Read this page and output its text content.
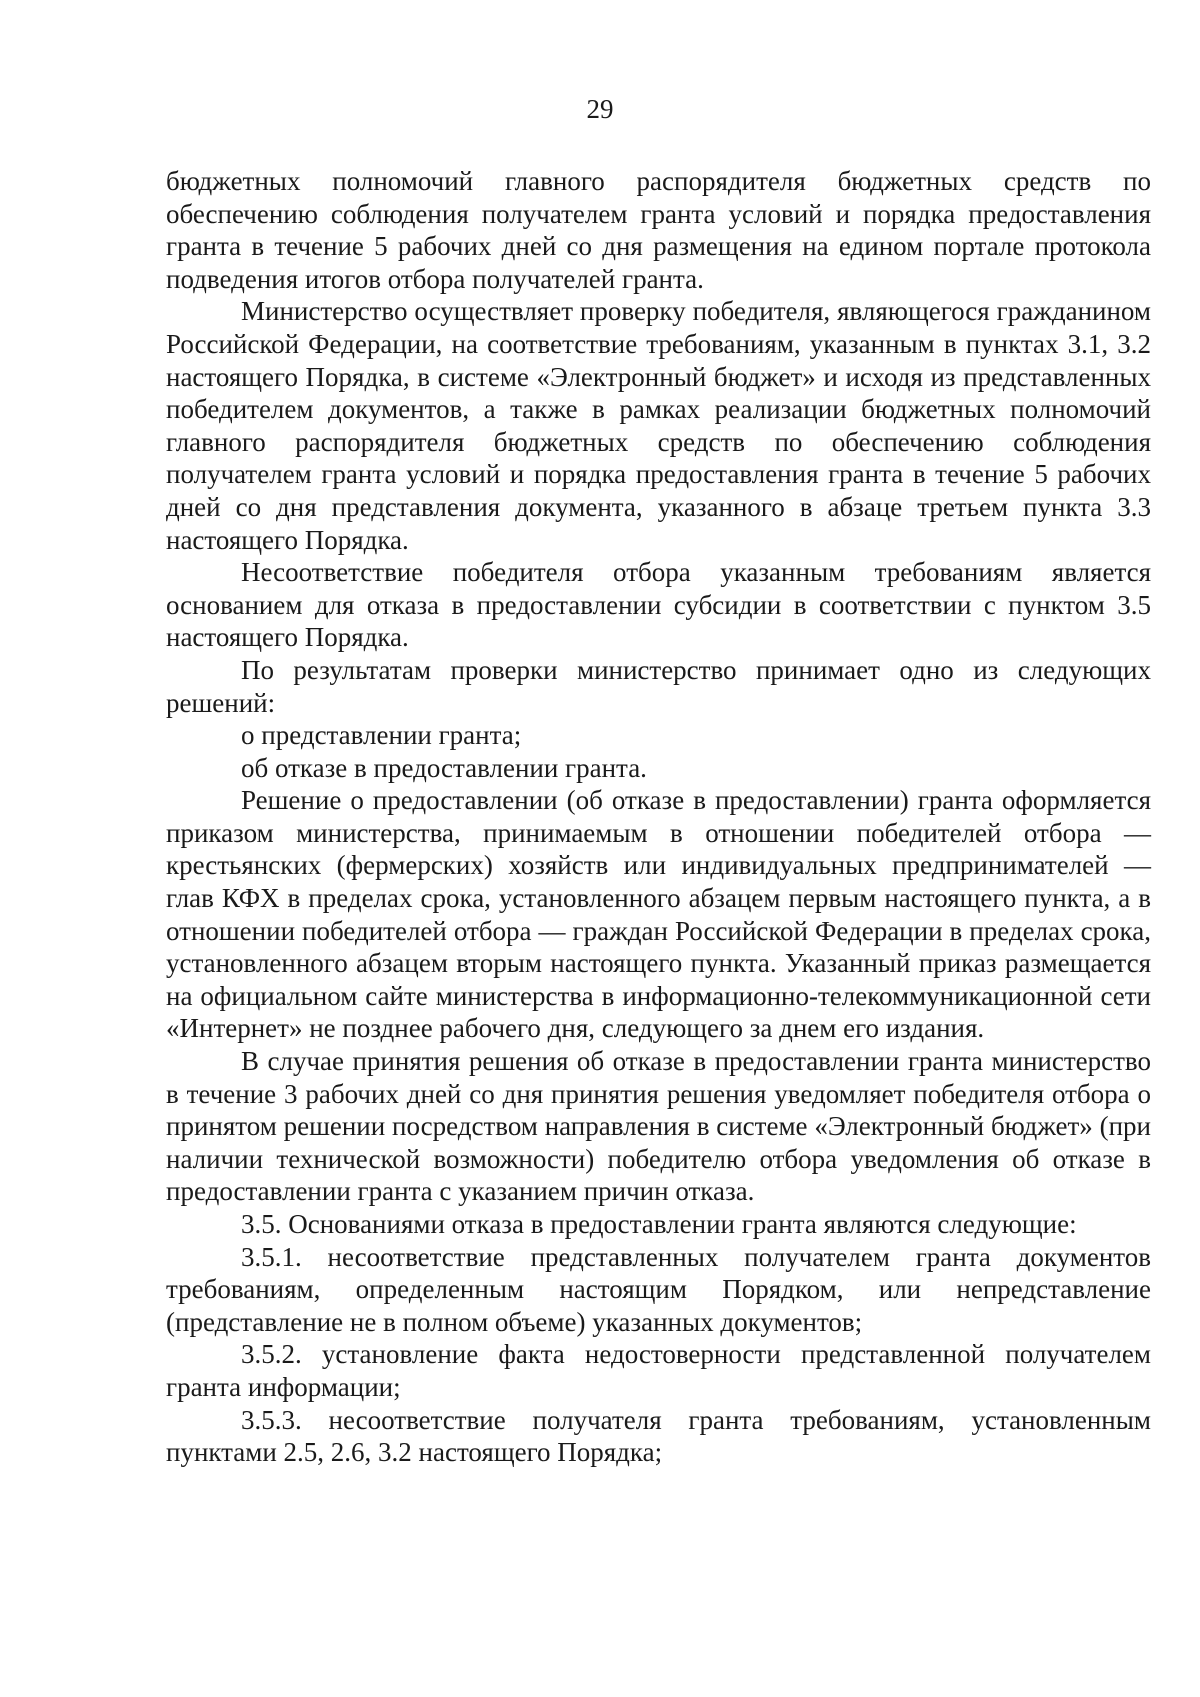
29

бюджетных полномочий главного распорядителя бюджетных средств по обеспечению соблюдения получателем гранта условий и порядка предоставления гранта в течение 5 рабочих дней со дня размещения на едином портале протокола подведения итогов отбора получателей гранта.

Министерство осуществляет проверку победителя, являющегося гражданином Российской Федерации, на соответствие требованиям, указанным в пунктах 3.1, 3.2 настоящего Порядка, в системе «Электронный бюджет» и исходя из представленных победителем документов, а также в рамках реализации бюджетных полномочий главного распорядителя бюджетных средств по обеспечению соблюдения получателем гранта условий и порядка предоставления гранта в течение 5 рабочих дней со дня представления документа, указанного в абзаце третьем пункта 3.3 настоящего Порядка.

Несоответствие победителя отбора указанным требованиям является основанием для отказа в предоставлении субсидии в соответствии с пунктом 3.5 настоящего Порядка.

По результатам проверки министерство принимает одно из следующих решений:

о представлении гранта;

об отказе в предоставлении гранта.

Решение о предоставлении (об отказе в предоставлении) гранта оформляется приказом министерства, принимаемым в отношении победителей отбора — крестьянских (фермерских) хозяйств или индивидуальных предпринимателей — глав КФХ в пределах срока, установленного абзацем первым настоящего пункта, а в отношении победителей отбора — граждан Российской Федерации в пределах срока, установленного абзацем вторым настоящего пункта. Указанный приказ размещается на официальном сайте министерства в информационно-телекоммуникационной сети «Интернет» не позднее рабочего дня, следующего за днем его издания.

В случае принятия решения об отказе в предоставлении гранта министерство в течение 3 рабочих дней со дня принятия решения уведомляет победителя отбора о принятом решении посредством направления в системе «Электронный бюджет» (при наличии технической возможности) победителю отбора уведомления об отказе в предоставлении гранта с указанием причин отказа.

3.5. Основаниями отказа в предоставлении гранта являются следующие:

3.5.1. несоответствие представленных получателем гранта документов требованиям, определенным настоящим Порядком, или непредставление (представление не в полном объеме) указанных документов;

3.5.2. установление факта недостоверности представленной получателем гранта информации;

3.5.3. несоответствие получателя гранта требованиям, установленным пунктами 2.5, 2.6, 3.2 настоящего Порядка;
